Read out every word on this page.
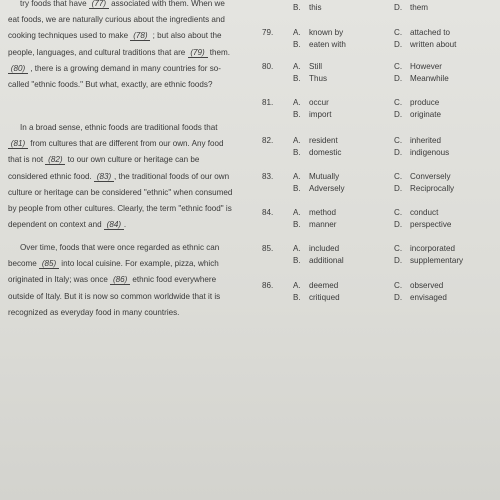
try foods that have (77) associated with them. When we eat foods, we are naturally curious about the ingredients and cooking techniques used to make (78) ; but also about the people, languages, and cultural traditions that are (79) them. (80) , there is a growing demand in many countries for so-called "ethnic foods." But what, exactly, are ethnic foods?

In a broad sense, ethnic foods are traditional foods that (81) from cultures that are different from our own. Any food that is not (82) to our own culture or heritage can be considered ethnic food. (83) , the traditional foods of our own culture or heritage can be considered "ethnic" when consumed by people from other cultures. Clearly, the term "ethnic food" is dependent on context and (84) .

Over time, foods that were once regarded as ethnic can become (85) into local cuisine. For example, pizza, which originated in Italy; was once (86) ethnic food everywhere outside of Italy. But it is now so common worldwide that it is recognized as everyday food in many countries.

B. this	D. them
79. A. known by
B. eaten with
C. attached to
D. written about
80. A. Still
B. Thus
C. However
D. Meanwhile
81. A. occur
B. import
C. produce
D. originate
82. A. resident
B. domestic
C. inherited
D. indigenous
83. A. Mutually
B. Adversely
C. Conversely
D. Reciprocally
84. A. method
B. manner
C. conduct
D. perspective
85. A. included
B. additional
C. incorporated
D. supplementary
86. A. deemed
B. critiqued
C. observed
D. envisaged
